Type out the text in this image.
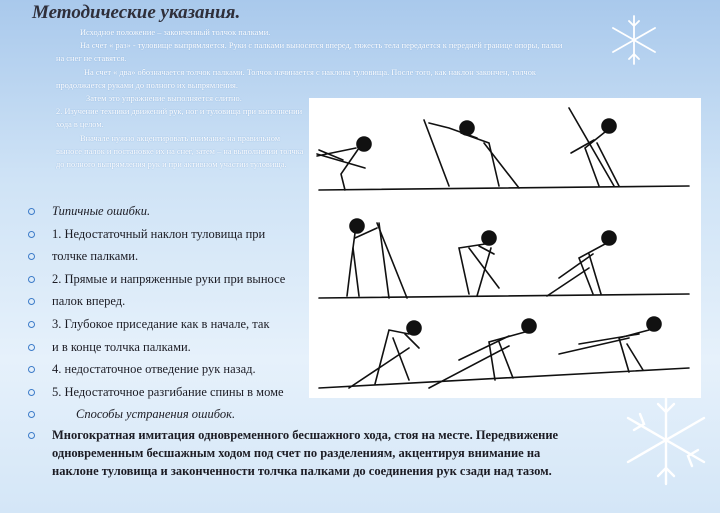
Методические указания.

Исходное положение – законченный толчок палками.

На счет « раз» - туловище выпрямляется. Руки с палками выносятся вперед, тяжесть тела передается к передней границе опоры, палки на снег не ставятся.

На счет « два» обозначается толчок палками. Толчок начинается с наклона туловища. После того, как наклон закончен, толчок продолжается руками до полного их выпрямления.

Затем это упражнение выполняется слитно.

2. Изучение техники движений рук, ног и туловища при выполнении хода в целом.

Вначале нужно акцентировать внимание на правильном выносе палок и постановке их на снег, затем – на выполнении толчка до полного выпрямления рук и при активном участии туловища.

Типичные ошибки.
1. Недостаточный наклон туловища при
толчке палками.
2. Прямые и напряженные руки при выносе
палок вперед.
3. Глубокое приседание как в начале, так
и в конце толчка палками.
4. недостаточное отведение рук назад.
5. Недостаточное разгибание спины в моме
Способы устранения ошибок.
Многократная имитация одновременного бесшажного хода, стоя на месте. Передвижение одновременным бесшажным ходом под счет по разделениям, акцентируя внимание на наклоне туловища и законченности толчка палками до соединения рук сзади над тазом.
